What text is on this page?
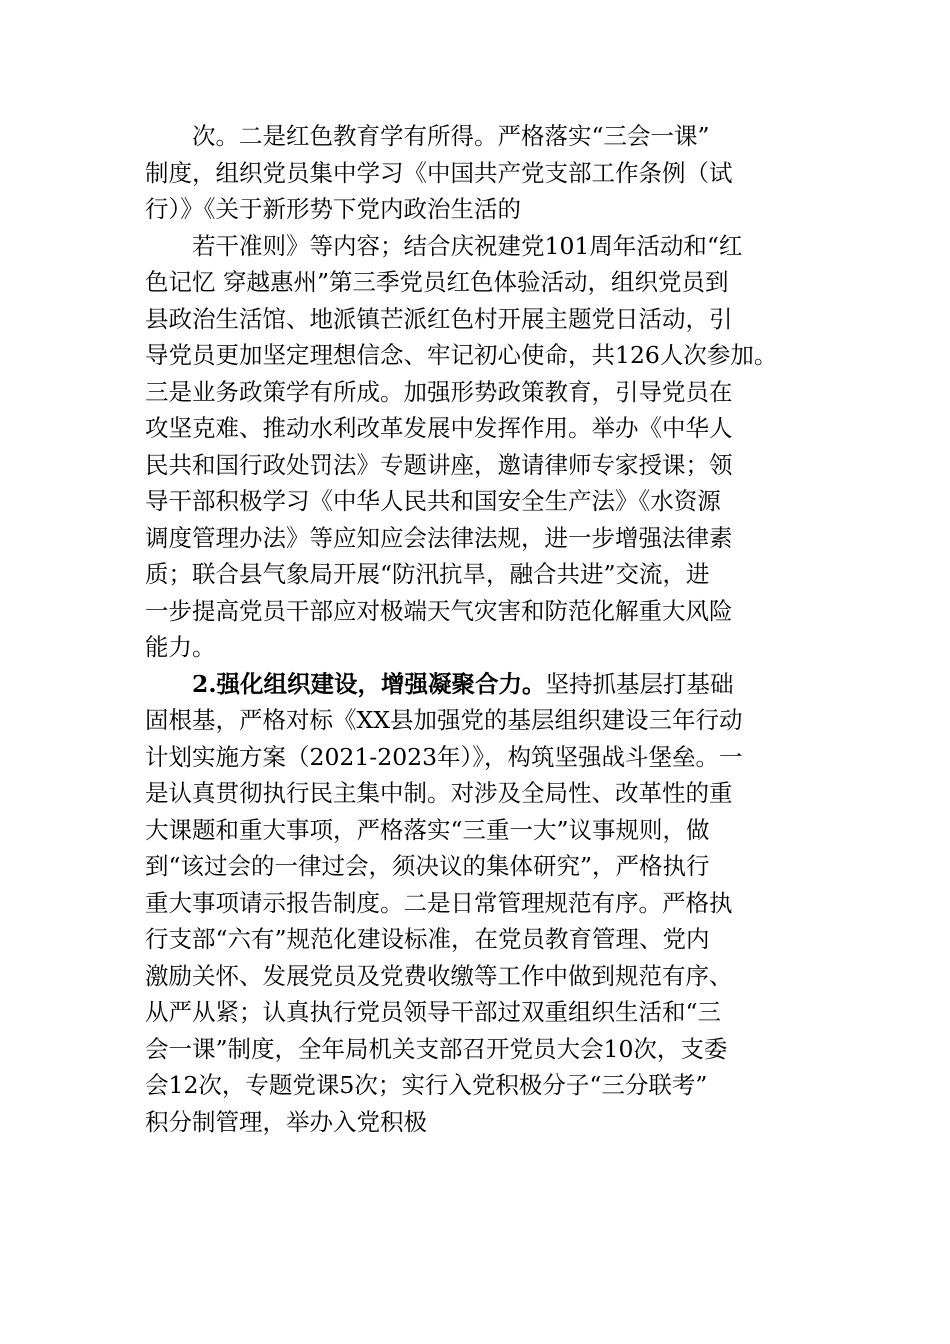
次。二是红色教育学有所得。严格落实“三会一课”
制度，组织党员集中学习《中国共产党支部工作条例（试
行）》《关于新形势下党内政治生活的
若干准则》等内容；结合庆祝建党101周年活动和“红
色记忆 穿越惠州”第三季党员红色体验活动，组织党员到
县政治生活馆、地派镇芒派红色村开展主题党日活动，引
导党员更加坚定理想信念、牢记初心使命，共126人次参加。
三是业务政策学有所成。加强形势政策教育，引导党员在
攻坚克难、推动水利改革发展中发挥作用。举办《中华人
民共和国行政处罚法》专题讲座，邀请律师专家授课；领
导干部积极学习《中华人民共和国安全生产法》《水资源
调度管理办法》等应知应会法律法规，进一步增强法律素
质；联合县气象局开展“防汛抗旱，融合共进”交流，进
一步提高党员干部应对极端天气灾害和防范化解重大风险
能力。
2.强化组织建设，增强凝聚合力。坚持抓基层打基础
固根基，严格对标《XX县加强党的基层组织建设三年行动
计划实施方案（2021-2023年）》，构筑坚强战斗堡垒。一
是认真贯彻执行民主集中制。对涉及全局性、改革性的重
大课题和重大事项，严格落实“三重一大”议事规则，做
到“该过会的一律过会，须决议的集体研究”，严格执行
重大事项请示报告制度。二是日常管理规范有序。严格执
行支部“六有”规范化建设标准，在党员教育管理、党内
激励关怀、发展党员及党费收缴等工作中做到规范有序、
从严从紧；认真执行党员领导干部过双重组织生活和“三
会一课”制度，全年局机关支部召开党员大会10次，支委
会12次，专题党课5次；实行入党积极分子“三分联考”
积分制管理，举办入党积极
